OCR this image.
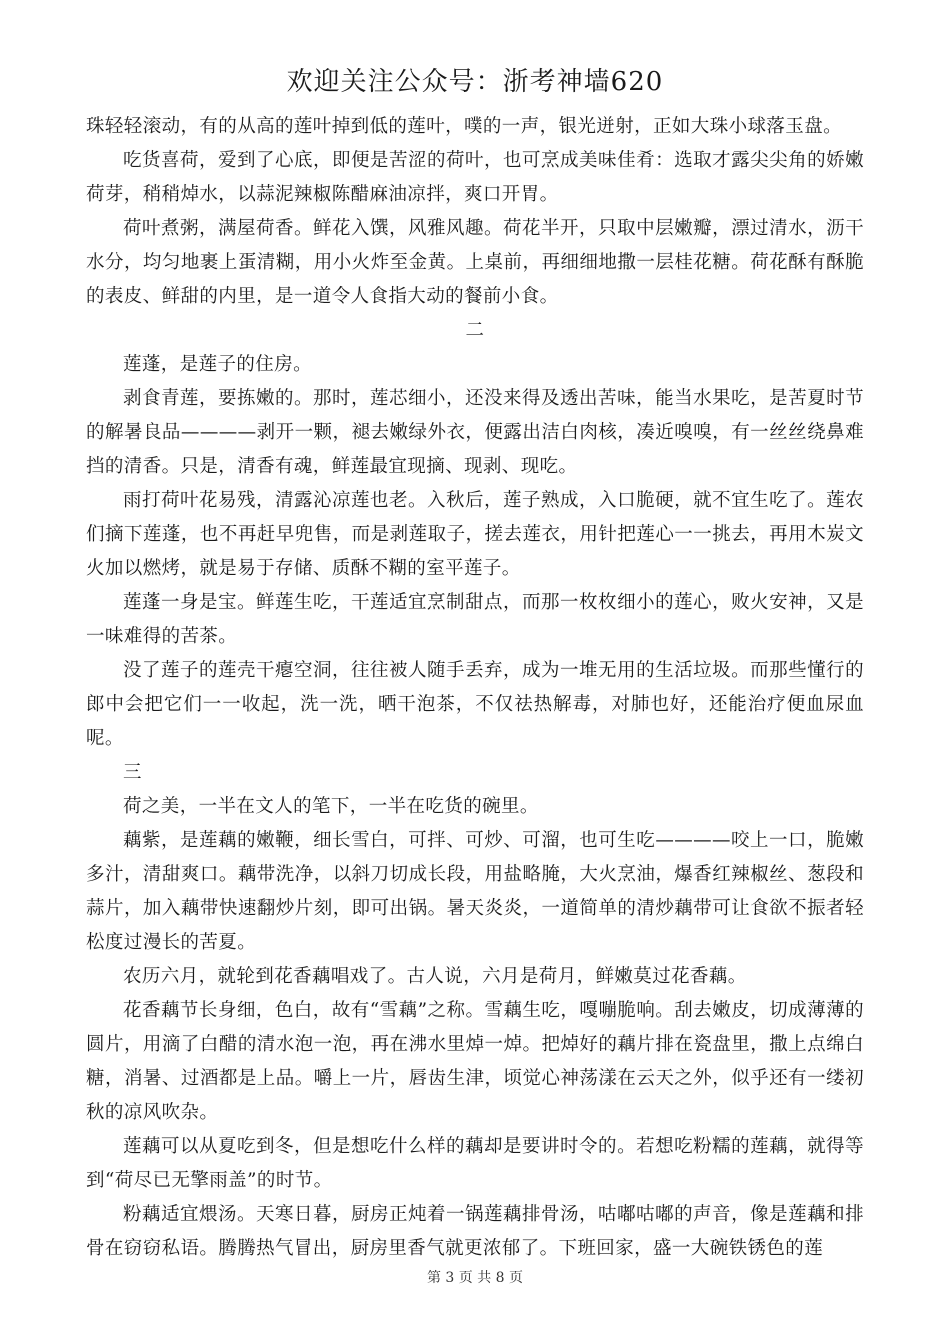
欢迎关注公众号：浙考神墙620

珠轻轻滚动，有的从高的莲叶掉到低的莲叶，噗的一声，银光迸射，正如大珠小球落玉盘。

吃货喜荷，爱到了心底，即便是苦涩的荷叶，也可烹成美味佳肴：选取才露尖尖角的娇嫩荷芽，稍稍焯水，以蒜泥辣椒陈醋麻油凉拌，爽口开胃。

荷叶煮粥，满屋荷香。鲜花入馔，风雅风趣。荷花半开，只取中层嫩瓣，漂过清水，沥干水分，均匀地裹上蛋清糊，用小火炸至金黄。上桌前，再细细地撒一层桂花糖。荷花酥有酥脆的表皮、鲜甜的内里，是一道令人食指大动的餐前小食。

二

莲蓬，是莲子的住房。

剥食青莲，要拣嫩的。那时，莲芯细小，还没来得及透出苦味，能当水果吃，是苦夏时节的解暑良品————剥开一颗，褪去嫩绿外衣，便露出洁白肉核，凑近嗅嗅，有一丝丝绕鼻难挡的清香。只是，清香有魂，鲜莲最宜现摘、现剥、现吃。

雨打荷叶花易残，清露沁凉莲也老。入秋后，莲子熟成，入口脆硬，就不宜生吃了。莲农们摘下莲蓬，也不再赶早兜售，而是剥莲取子，搓去莲衣，用针把莲心一一挑去，再用木炭文火加以燃烤，就是易于存储、质酥不糊的室平莲子。

莲蓬一身是宝。鲜莲生吃，干莲适宜烹制甜点，而那一枚枚细小的莲心，败火安神，又是一味难得的苦茶。

没了莲子的莲壳干瘪空洞，往往被人随手丢弃，成为一堆无用的生活垃圾。而那些懂行的郎中会把它们一一收起，洗一洗，晒干泡茶，不仅祛热解毒，对肺也好，还能治疗便血尿血呢。

三

荷之美，一半在文人的笔下，一半在吃货的碗里。

藕紫，是莲藕的嫩鞭，细长雪白，可拌、可炒、可溜，也可生吃————咬上一口，脆嫩多汁，清甜爽口。藕带洗净，以斜刀切成长段，用盐略腌，大火烹油，爆香红辣椒丝、葱段和蒜片，加入藕带快速翻炒片刻，即可出锅。暑天炎炎，一道简单的清炒藕带可让食欲不振者轻松度过漫长的苦夏。

农历六月，就轮到花香藕唱戏了。古人说，六月是荷月，鲜嫩莫过花香藕。

花香藕节长身细，色白，故有“雪藕”之称。雪藕生吃，嘎嘣脆响。刮去嫩皮，切成薄薄的圆片，用滴了白醋的清水泡一泡，再在沸水里焯一焯。把焯好的藕片排在瓷盘里，撒上点绵白糖，消暑、过酒都是上品。嚼上一片，唇齿生津，顷觉心神荡漾在云天之外，似乎还有一缕初秋的凉风吹杂。

莲藕可以从夏吃到冬，但是想吃什么样的藕却是要讲时令的。若想吃粉糯的莲藕，就得等到“荷尽已无擎雨盖”的时节。

粉藕适宜煨汤。天寒日暮，厨房正炖着一锅莲藕排骨汤，咕嘟咕嘟的声音，像是莲藕和排骨在窃窃私语。腾腾热气冒出，厨房里香气就更浓郁了。下班回家，盛一大碗铁锈色的莲

第 3 页 共 8 页
